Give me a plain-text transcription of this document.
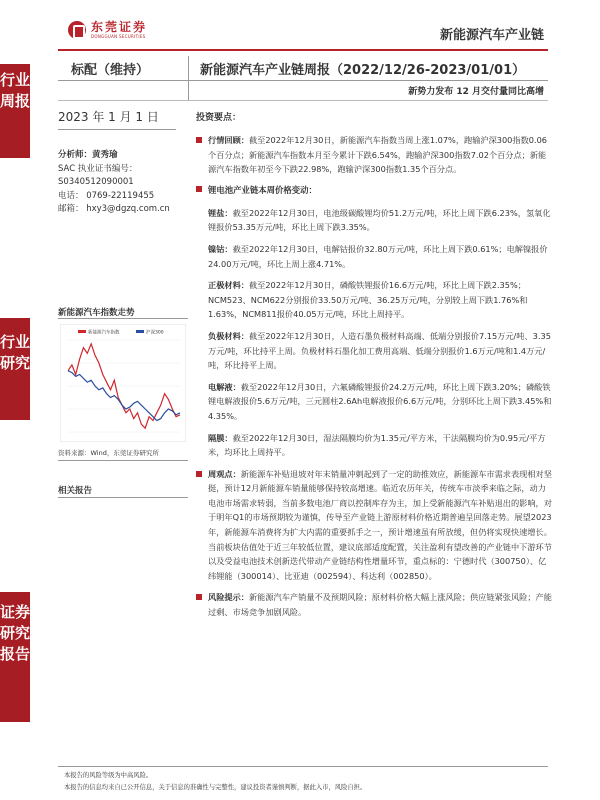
东莞证券
DONGGUAN SECURITIES	新能源汽车产业链
行业周报
行业研究
证券研究报告
标配（维持）	新能源汽车产业链周报（2022/12/26-2023/01/01）
新势力发布 12 月交付量同比高增
2023 年 1 月 1 日
分析师：黄秀瑜
SAC 执业证书编号：
S0340512090001
电话： 0769-22119455
邮箱： hxy3@dgzq.com.cn
新能源汽车指数走势
新能源汽车指数	沪深300
资料来源：Wind，东莞证券研究所
相关报告
投资要点：
行情回顾：截至2022年12月30日，新能源汽车指数当周上涨1.07%，跑输沪深300指数0.06个百分点；新能源汽车指数本月至今累计下跌6.54%，跑输沪深300指数7.02个百分点；新能源汽车指数年初至今下跌22.98%，跑输沪深300指数1.35个百分点。
锂电池产业链本周价格变动：
锂盐：截至2022年12月30日，电池级碳酸锂均价51.2万元/吨，环比上周下跌6.23%，氢氧化锂报价53.35万元/吨，环比上周下跌3.35%。
镍钴：截至2022年12月30日，电解钴报价32.80万元/吨，环比上周下跌0.61%；电解镍报价24.00万元/吨，环比上周上涨4.71%。
正极材料：截至2022年12月30日，磷酸铁锂报价16.6万元/吨，环比上周下跌2.35%；NCM523、NCM622分别报价33.50万元/吨、36.25万元/吨，分别较上周下跌1.76%和1.63%，NCM811报价40.05万元/吨，环比上周持平。
负极材料：截至2022年12月30日，人造石墨负极材料高端、低端分别报价7.15万元/吨、3.35万元/吨，环比持平上周。负极材料石墨化加工费用高端、低端分别报价1.6万元/吨和1.4万元/吨，环比持平上周。
电解液：截至2022年12月30日，六氟磷酸锂报价24.2万元/吨，环比上周下跌3.20%；磷酸铁锂电解液报价5.6万元/吨，三元圆柱2.6Ah电解液报价6.6万元/吨，分别环比上周下跌3.45%和4.35%。
隔膜：截至2022年12月30日，湿法隔膜均价为1.35元/平方米，干法隔膜均价为0.95元/平方米，均环比上周持平。
周观点：新能源车补贴退坡对年末销量冲刺起到了一定的助推效应，新能源车市需求表现相对坚挺，预计12月新能源车销量能够保持较高增速。临近农历年关，传统车市淡季来临之际，动力电池市场需求转弱，当前多数电池厂商以控制库存为主，加上受新能源汽车补贴退出的影响，对于明年Q1的市场预期较为谨慎，传导至产业链上游原材料价格近期普遍呈回落走势。展望2023年，新能源车消费将为扩大内需的重要抓手之一，预计增速虽有所放缓，但仍将实现快速增长。当前板块估值处于近三年较低位置，建议底部适度配置，关注盈利有望改善的产业链中下游环节以及受益电池技术创新迭代带动产业链结构性增量环节，重点标的：宁德时代（300750）、亿纬锂能（300014）、比亚迪（002594）、科达利（002850）。
风险提示：新能源汽车产销量不及预期风险；原材料价格大幅上涨风险；供应链紧张风险；产能过剩、市场竞争加剧风险。
本报告的风险等级为中高风险。
本报告的信息均来自已公开信息，关于信息的准确性与完整性，建议投资者谨慎判断，据此入市，风险自担。
